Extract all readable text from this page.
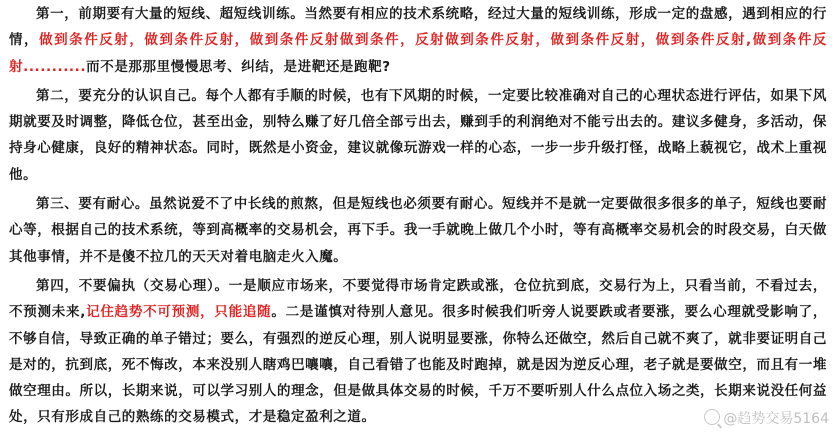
第一，前期要有大量的短线、超短线训练。当然要有相应的技术系统略，经过大量的短线训练，形成一定的盘感，遇到相应的行情，做到条件反射，做到条件反射，做到条件反射做到条件，反射做到条件反射，做到条件反射，做到条件反射,做到条件反射...........而不是那那里慢慢思考、纠结，是进靶还是跑靶?

第二，要充分的认识自己。每个人都有手顺的时候，也有下风期的时候，一定要比较准确对自己的心理状态进行评估，如果下风期就要及时调整，降低仓位，甚至出金，别特么赚了好几倍全部亏出去，赚到手的利润绝对不能亏出去的。建议多健身，多活动，保持身心健康，良好的精神状态。同时，既然是小资金，建议就像玩游戏一样的心态，一步一步升级打怪，战略上藐视它，战术上重视他。

第三、要有耐心。虽然说爱不了中长线的煎熬，但是短线也必须要有耐心。短线并不是就一定要做很多很多的单子，短线也要耐心等，根据自己的技术系统，等到高概率的交易机会，再下手。我一手就晚上做几个小时，等有高概率交易机会的时段交易，白天做其他事情，并不是傻不拉几的天天对着电脑走火入魔。

第四，不要偏执（交易心理）。一是顺应市场来，不要觉得市场肯定跌或涨，仓位抗到底，交易行为上，只看当前，不看过去，不预测未来,记住趋势不可预测，只能追随。二是谨慎对待别人意见。很多时候我们听旁人说要跌或者要涨，要么心理就受影响了，不够自信，导致正确的单子错过；要么，有强烈的逆反心理，别人说明显要涨，你特么还做空，然后自己就不爽了，就非要证明自己是对的，抗到底，死不悔改，本来没别人瞎鸡巴嚷嚷，自己看错了也能及时跑掉，就是因为逆反心理，老子就是要做空，而且有一堆做空理由。所以，长期来说，可以学习别人的理念，但是做具体交易的时候，千万不要听别人什么点位入场之类，长期来说没任何益处，只有形成自己的熟练的交易模式，才是稳定盈利之道。	@趋势交易5164
